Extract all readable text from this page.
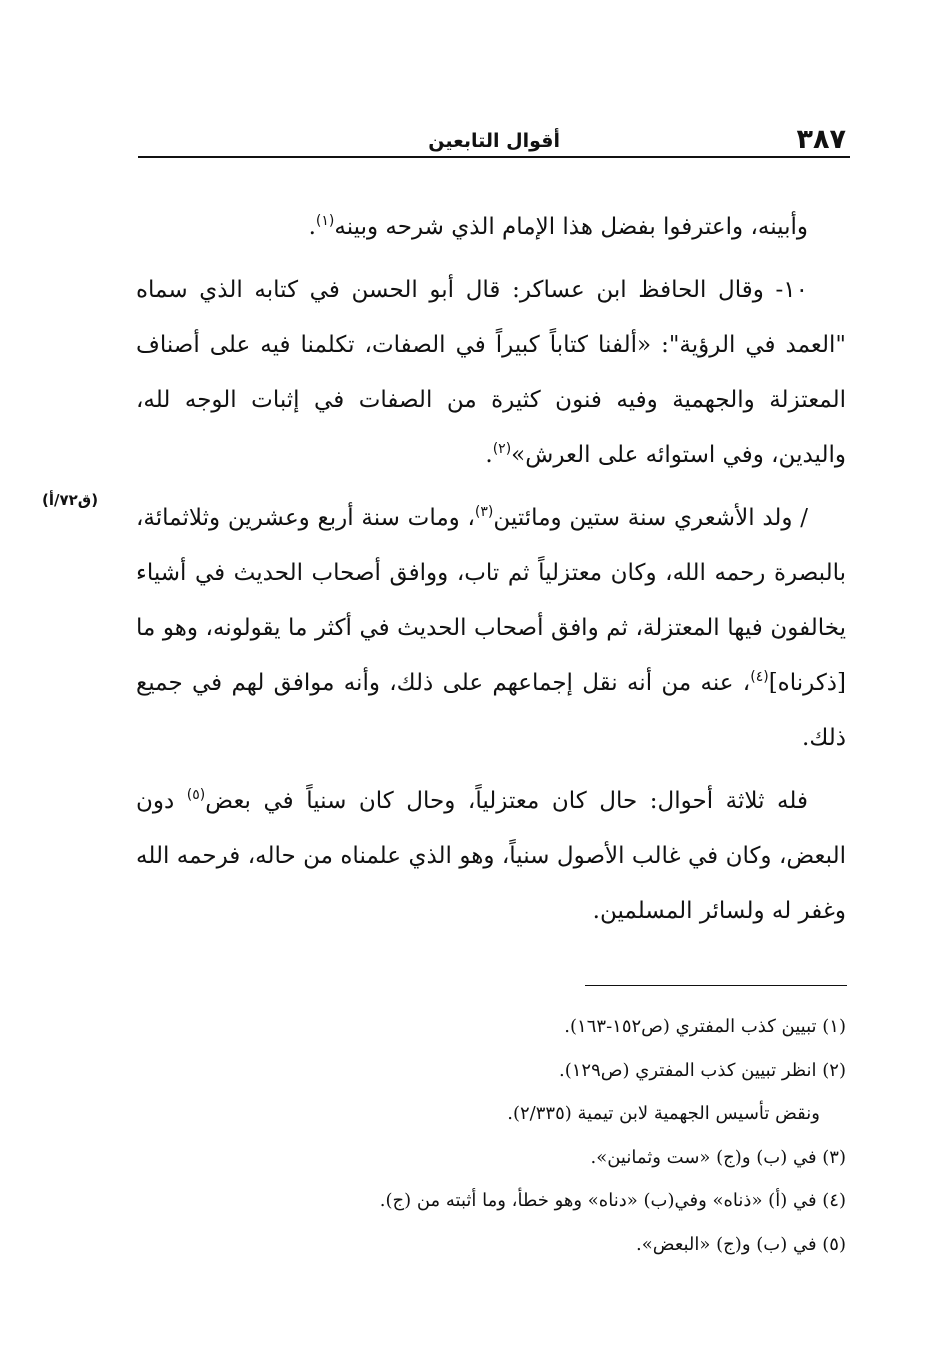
٣٨٧
أقوال التابعين
(ق٧٢/أ)

وأبينه، واعترفوا بفضل هذا الإمام الذي شرحه وبينه$^{(١)}$.

١٠- وقال الحافظ ابن عساكر: قال أبو الحسن في كتابه الذي سماه "العمد في الرؤية": «ألفنا كتاباً كبيراً في الصفات، تكلمنا فيه على أصناف المعتزلة والجهمية وفيه فنون كثيرة من الصفات في إثبات الوجه لله، واليدين، وفي استوائه على العرش»$^{(٢)}$.

/ ولد الأشعري سنة ستين ومائتين$^{(٣)}$، ومات سنة أربع وعشرين وثلاثمائة، بالبصرة رحمه الله، وكان معتزلياً ثم تاب، ووافق أصحاب الحديث في أشياء يخالفون فيها المعتزلة، ثم وافق أصحاب الحديث في أكثر ما يقولونه، وهو ما [ذكرناه]$^{(٤)}$، عنه من أنه نقل إجماعهم على ذلك، وأنه موافق لهم في جميع ذلك.

فله ثلاثة أحوال: حال كان معتزلياً، وحال كان سنياً في بعض$^{(٥)}$ دون البعض، وكان في غالب الأصول سنياً، وهو الذي علمناه من حاله، فرحمه الله وغفر له ولسائر المسلمين.

(١) تبيين كذب المفتري (ص١٥٢-١٦٣).

(٢) انظر تبيين كذب المفتري (ص١٢٩).

ونقض تأسيس الجهمية لابن تيمية (٢/٣٣٥).

(٣) في (ب) و(ج) «ست وثمانين».

(٤) في (أ) «ذناه» وفي(ب) «دناه» وهو خطأ، وما أثبته من (ج).

(٥) في (ب) و(ج) «البعض».
